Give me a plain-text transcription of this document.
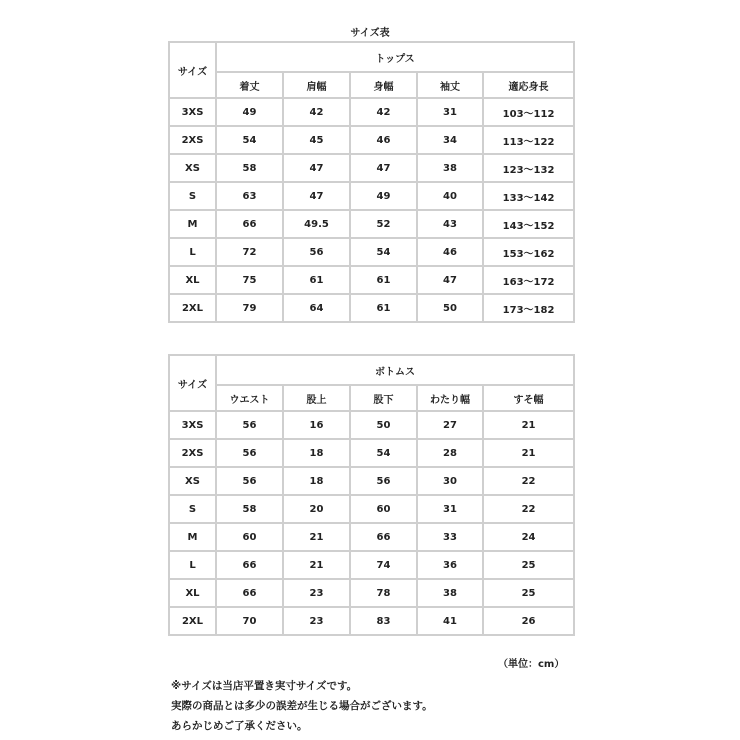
サイズ表
サイズ	トップス				
	着丈	肩幅	身幅	袖丈	適応身長
3XS	49	42	42	31	103〜112
2XS	54	45	46	34	113〜122
XS	58	47	47	38	123〜132
S	63	47	49	40	133〜142
M	66	49.5	52	43	143〜152
L	72	56	54	46	153〜162
XL	75	61	61	47	163〜172
2XL	79	64	61	50	173〜182
サイズ	ボトムス				
	ウエスト	股上	股下	わたり幅	すそ幅
3XS	56	16	50	27	21
2XS	56	18	54	28	21
XS	56	18	56	30	22
S	58	20	60	31	22
M	60	21	66	33	24
L	66	21	74	36	25
XL	66	23	78	38	25
2XL	70	23	83	41	26
（単位：cm）
※サイズは当店平置き実寸サイズです。
実際の商品とは多少の誤差が生じる場合がございます。
あらかじめご了承ください。
